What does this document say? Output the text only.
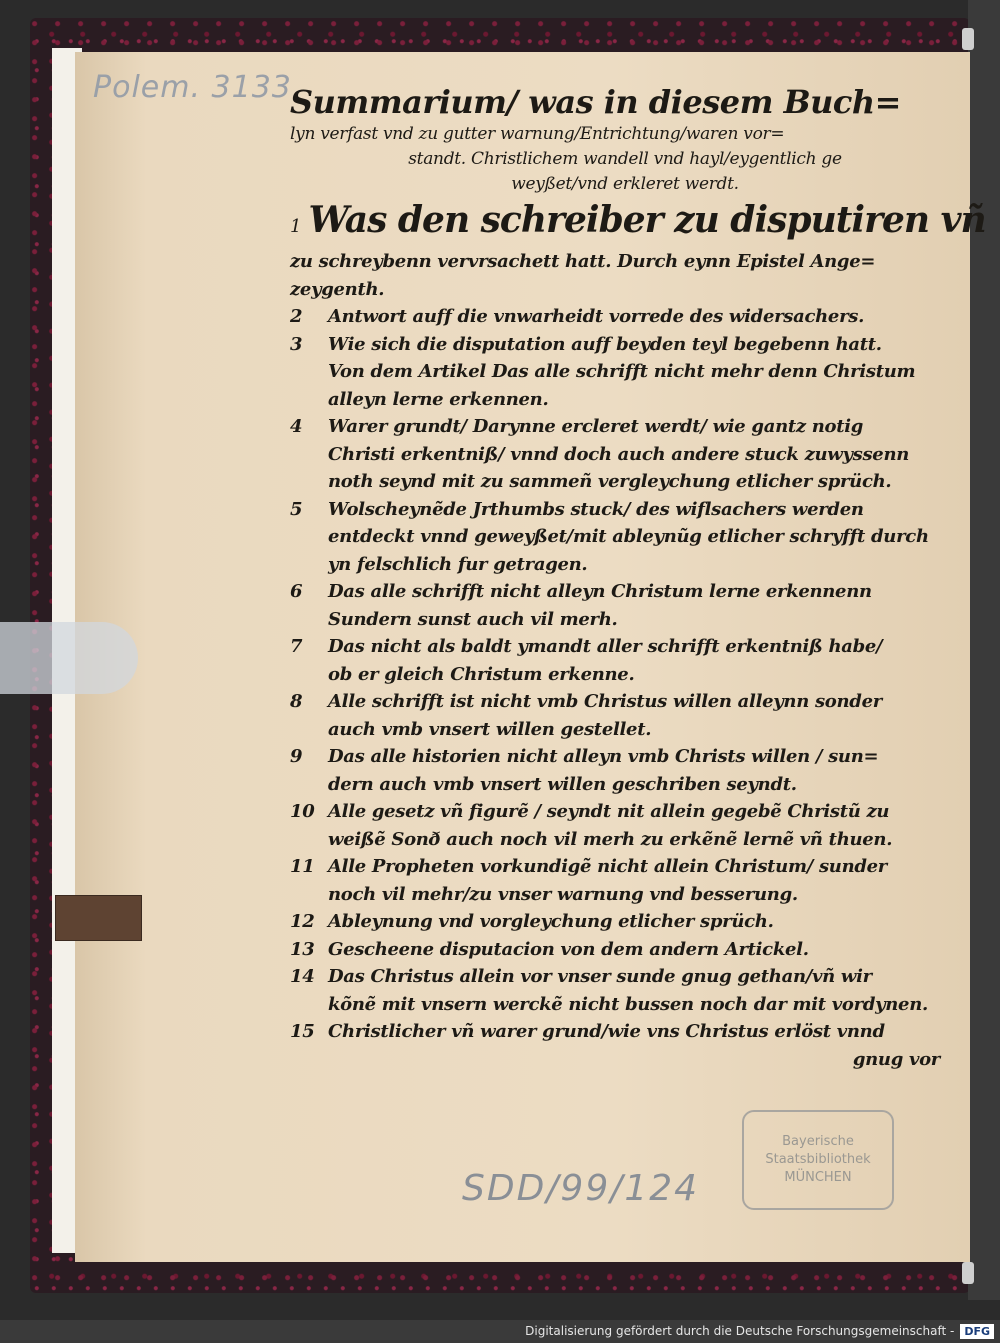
Summarium/ was in diesem Buch=

lyn verfast vnd zu gutter warnung/Entrichtung/waren vor=

standt. Christlichem wandell vnd hayl/eygentlich ge

weyßet/vnd erkleret werdt.

1 Was den schreiber zu disputiren vñ

zu schreybenn vervrsachett hatt. Durch eynn Epistel Ange=

zeygenth.

2 Antwort auff die vnwarheidt vorrede des widersachers.

3 Wie sich die disputation auff beyden teyl begebenn hatt.

Von dem Artikel Das alle schrifft nicht mehr denn Christum

alleyn lerne erkennen.

4 Warer grundt/ Darynne ercleret werdt/ wie gantz notig

Christi erkentniß/ vnnd doch auch andere stuck zuwyssenn

noth seynd mit zu sammeñ vergleychung etlicher sprüch.

5 Wolscheynẽde Jrthumbs stuck/ des wiflsachers werden

entdeckt vnnd geweyßet/mit ableynũg etlicher schryfft durch

yn felschlich fur getragen.

6 Das alle schrifft nicht alleyn Christum lerne erkennenn

Sundern sunst auch vil merh.

7 Das nicht als baldt ymandt aller schrifft erkentniß habe/

ob er gleich Christum erkenne.

8 Alle schrifft ist nicht vmb Christus willen alleynn sonder

auch vmb vnsert willen gestellet.

9 Das alle historien nicht alleyn vmb Christs willen / sun=

dern auch vmb vnsert willen geschriben seyndt.

10 Alle gesetz vñ figurẽ / seyndt nit allein gegebẽ Christũ zu

weißẽ Sonð auch noch vil merh zu erkẽnẽ lernẽ vñ thuen.

11 Alle Propheten vorkundigẽ nicht allein Christum/ sunder

noch vil mehr/zu vnser warnung vnd besserung.

12 Ableynung vnd vorgleychung etlicher sprüch.

13 Gescheene disputacion von dem andern Artickel.

14 Das Christus allein vor vnser sunde gnug gethan/vñ wir

kõnẽ mit vnsern werckẽ nicht bussen noch dar mit vordynen.

15 Christlicher vñ warer grund/wie vns Christus erlöst vnnd

gnug vor

Polem. 3133
SDD/99/124
Bayerische
Staatsbibliothek
MÜNCHEN
Digitalisierung gefördert durch die Deutsche Forschungsgemeinschaft - DFG
